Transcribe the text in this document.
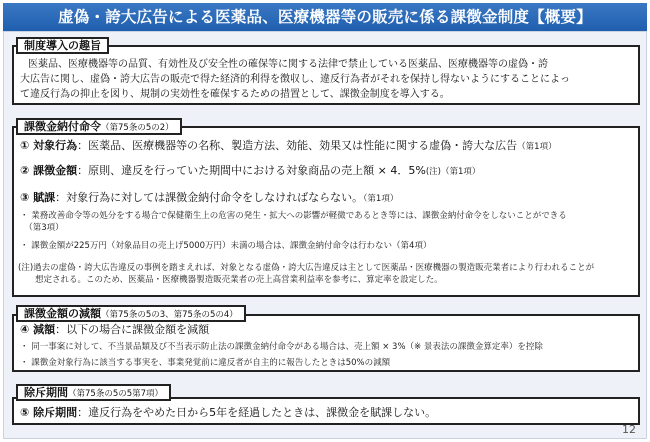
虚偽・誇大広告による医薬品、医療機器等の販売に係る課徴金制度【概要】
医薬品、医療機器等の品質、有効性及び安全性の確保等に関する法律で禁止している医薬品、医療機器等の虚偽・誇
大広告に関し、虚偽・誇大広告の販売で得た経済的利得を徴収し、違反行為者がそれを保持し得ないようにすることによっ
て違反行為の抑止を図り、規制の実効性を確保するための措置として、課徴金制度を導入する。
制度導入の趣旨
① 対象行為：医薬品、医療機器等の名称、製造方法、効能、効果又は性能に関する虚偽・誇大な広告（第1項）
② 課徴金額：原則、違反を行っていた期間中における対象商品の売上額 × 4．5%(注)（第1項）
③ 賦課：対象行為に対しては課徴金納付命令をしなければならない。（第1項）
・ 業務改善命令等の処分をする場合で保健衛生上の危害の発生・拡大への影響が軽微であるとき等には、課徴金納付命令をしないことができる
　（第3項）
・ 課徴金額が225万円（対象品目の売上げ5000万円）未満の場合は、課徴金納付命令は行わない（第4項）
(注)過去の虚偽・誇大広告違反の事例を踏まえれば、対象となる虚偽・誇大広告違反は主として医薬品・医療機器の製造販売業者により行われることが
　　想定される。このため、医薬品・医療機器製造販売業者の売上高営業利益率を参考に、算定率を設定した。
課徴金納付命令（第75条の5の2）
④ 減額：以下の場合に課徴金額を減額
・ 同一事案に対して、不当景品類及び不当表示防止法の課徴金納付命令がある場合は、売上額 × 3%（※ 景表法の課徴金算定率）を控除
・ 課徴金対象行為に該当する事実を、事業発覚前に違反者が自主的に報告したときは50%の減額
課徴金額の減額（第75条の5の3、第75条の5の4）
⑤ 除斥期間：違反行為をやめた日から5年を経過したときは、課徴金を賦課しない。
除斥期間（第75条の5の5第7項）
12
